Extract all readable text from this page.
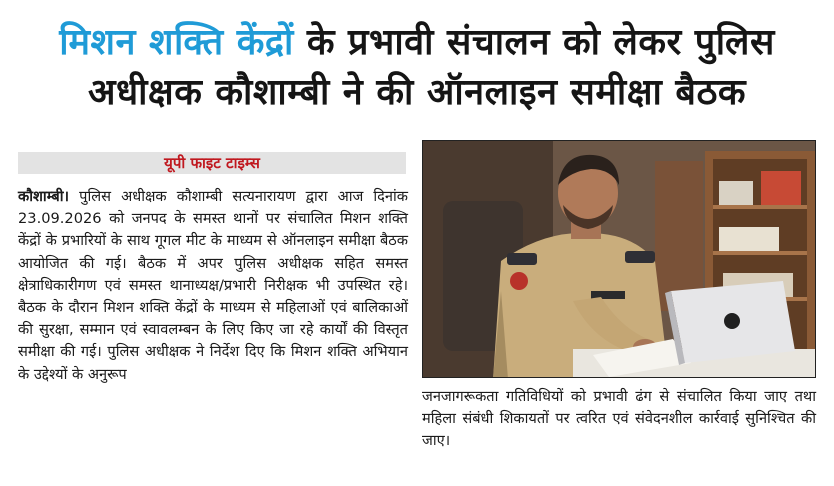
मिशन शक्ति केंद्रों के प्रभावी संचालन को लेकर पुलिस
अधीक्षक कौशाम्बी ने की ऑनलाइन समीक्षा बैठक
यूपी फाइट टाइम्स
कौशाम्बी। पुलिस अधीक्षक कौशाम्बी सत्यनारायण द्वारा आज दिनांक 23.09.2026 को जनपद के समस्त थानों पर संचालित मिशन शक्ति केंद्रों के प्रभारियों के साथ गूगल मीट के माध्यम से ऑनलाइन समीक्षा बैठक आयोजित की गई। बैठक में अपर पुलिस अधीक्षक सहित समस्त क्षेत्राधिकारीगण एवं समस्त थानाध्यक्ष/प्रभारी निरीक्षक भी उपस्थित रहे। बैठक के दौरान मिशन शक्ति केंद्रों के माध्यम से महिलाओं एवं बालिकाओं की सुरक्षा, सम्मान एवं स्वावलम्बन के लिए किए जा रहे कार्यों की विस्तृत समीक्षा की गई। पुलिस अधीक्षक ने निर्देश दिए कि मिशन शक्ति अभियान के उद्देश्यों के अनुरूप
जनजागरूकता गतिविधियों को प्रभावी ढंग से संचालित किया जाए तथा महिला संबंधी शिकायतों पर त्वरित एवं संवेदनशील कार्रवाई सुनिश्चित की जाए।
